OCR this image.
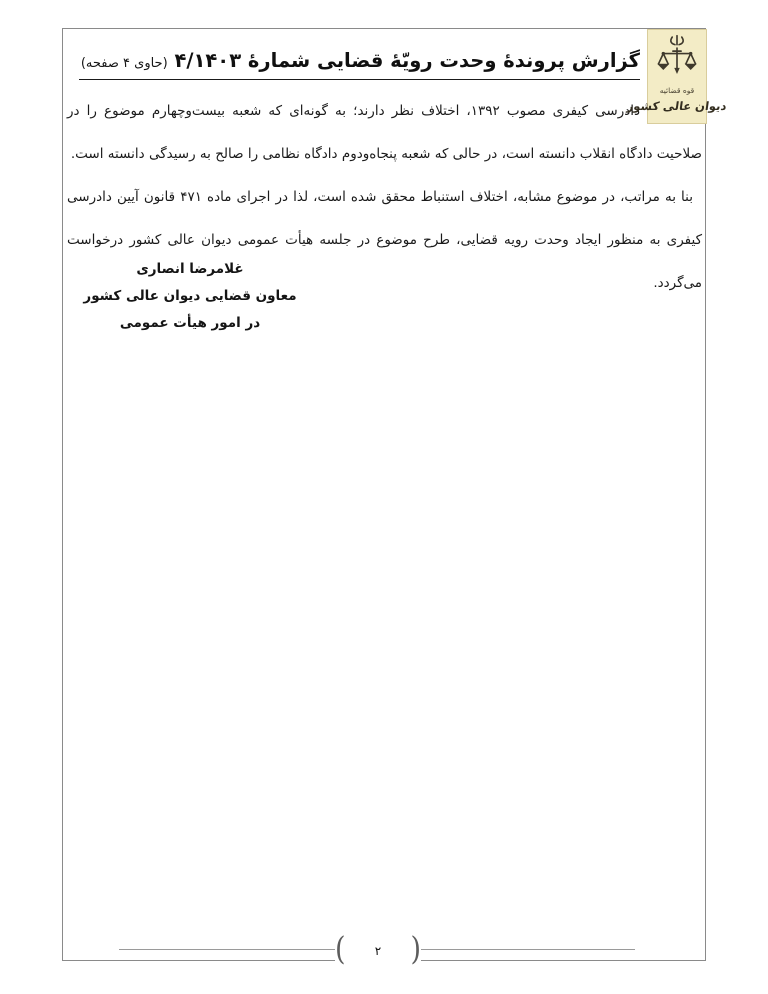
قوه قضائیه
دیوان عالی کشور
گزارش پروندۀ وحدت رویّۀ قضایی شمارۀ ۴/۱۴۰۳ (حاوی ۴ صفحه)

دادرسی کیفری مصوب ۱۳۹۲، اختلاف نظر دارند؛ به گونه‌ای که شعبه بیست‌وچهارم موضوع را در صلاحیت دادگاه انقلاب دانسته است، در حالی که شعبه پنجاه‌ودوم دادگاه نظامی را صالح به رسیدگی دانسته است.

بنا به مراتب، در موضوع مشابه، اختلاف استنباط محقق شده است، لذا در اجرای ماده ۴۷۱ قانون آیین دادرسی کیفری به منظور ایجاد وحدت رویه قضایی، طرح موضوع در جلسه هیأت عمومی دیوان عالی کشور درخواست می‌گردد.

غلامرضا انصاری
معاون قضایی دیوان عالی کشور
در امور هیأت عمومی
( ۲ )
